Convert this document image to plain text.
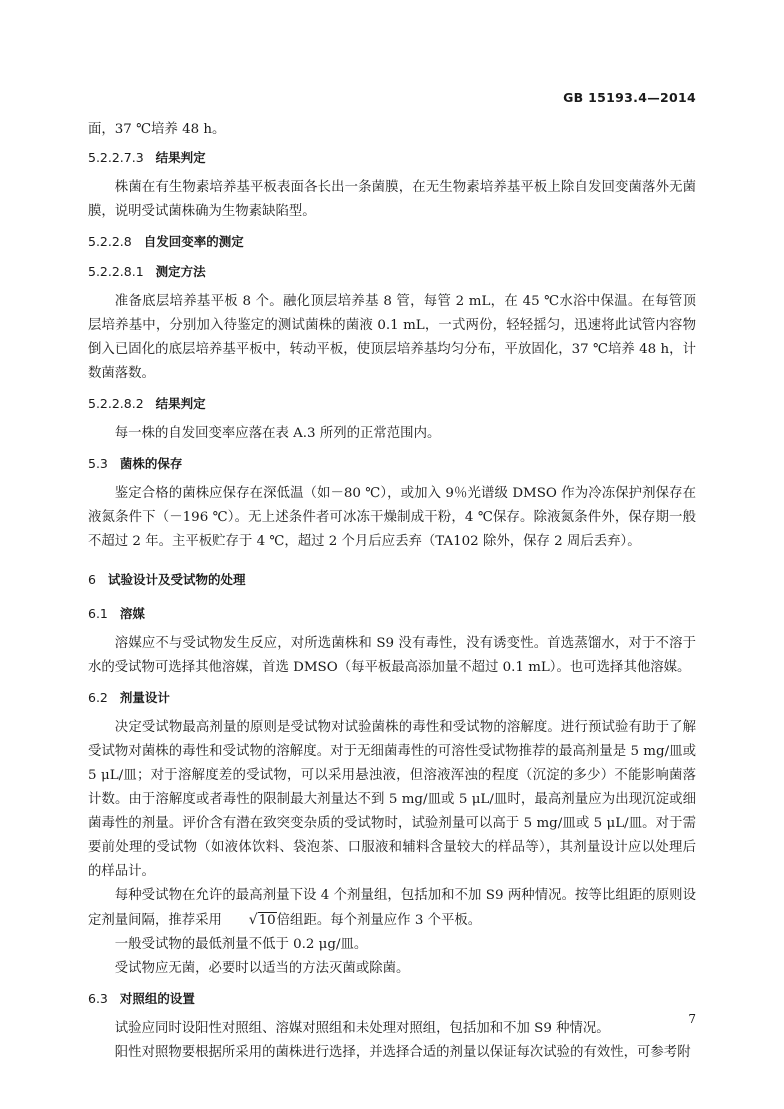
GB 15193.4—2014

面，37 ℃培养 48 h。

5.2.2.7.3 结果判定

株菌在有生物素培养基平板表面各长出一条菌膜，在无生物素培养基平板上除自发回变菌落外无菌膜，说明受试菌株确为生物素缺陷型。

5.2.2.8 自发回变率的测定
5.2.2.8.1 测定方法

准备底层培养基平板 8 个。融化顶层培养基 8 管，每管 2 mL，在 45 ℃水浴中保温。在每管顶层培养基中，分别加入待鉴定的测试菌株的菌液 0.1 mL，一式两份，轻轻摇匀，迅速将此试管内容物倒入已固化的底层培养基平板中，转动平板，使顶层培养基均匀分布，平放固化，37 ℃培养 48 h，计数菌落数。

5.2.2.8.2 结果判定

每一株的自发回变率应落在表 A.3 所列的正常范围内。

5.3 菌株的保存

鉴定合格的菌株应保存在深低温（如－80 ℃），或加入 9％光谱级 DMSO 作为冷冻保护剂保存在液氮条件下（－196 ℃）。无上述条件者可冰冻干燥制成干粉，4 ℃保存。除液氮条件外，保存期一般不超过 2 年。主平板贮存于 4 ℃，超过 2 个月后应丢弃（TA102 除外，保存 2 周后丢弃）。

6 试验设计及受试物的处理
6.1 溶媒

溶媒应不与受试物发生反应，对所选菌株和 S9 没有毒性，没有诱变性。首选蒸馏水，对于不溶于水的受试物可选择其他溶媒，首选 DMSO（每平板最高添加量不超过 0.1 mL）。也可选择其他溶媒。

6.2 剂量设计

决定受试物最高剂量的原则是受试物对试验菌株的毒性和受试物的溶解度。进行预试验有助于了解受试物对菌株的毒性和受试物的溶解度。对于无细菌毒性的可溶性受试物推荐的最高剂量是 5 mg/皿或 5 μL/皿；对于溶解度差的受试物，可以采用悬浊液，但溶液浑浊的程度（沉淀的多少）不能影响菌落计数。由于溶解度或者毒性的限制最大剂量达不到 5 mg/皿或 5 μL/皿时，最高剂量应为出现沉淀或细菌毒性的剂量。评价含有潜在致突变杂质的受试物时，试验剂量可以高于 5 mg/皿或 5 μL/皿。对于需要前处理的受试物（如液体饮料、袋泡茶、口服液和辅料含量较大的样品等），其剂量设计应以处理后的样品计。

每种受试物在允许的最高剂量下设 4 个剂量组，包括加和不加 S9 两种情况。按等比组距的原则设定剂量间隔，推荐采用 √10倍组距。每个剂量应作 3 个平板。

一般受试物的最低剂量不低于 0.2 μg/皿。

受试物应无菌，必要时以适当的方法灭菌或除菌。

6.3 对照组的设置

试验应同时设阳性对照组、溶媒对照组和未处理对照组，包括加和不加 S9 种情况。

阳性对照物要根据所采用的菌株进行选择，并选择合适的剂量以保证每次试验的有效性，可参考附

7
